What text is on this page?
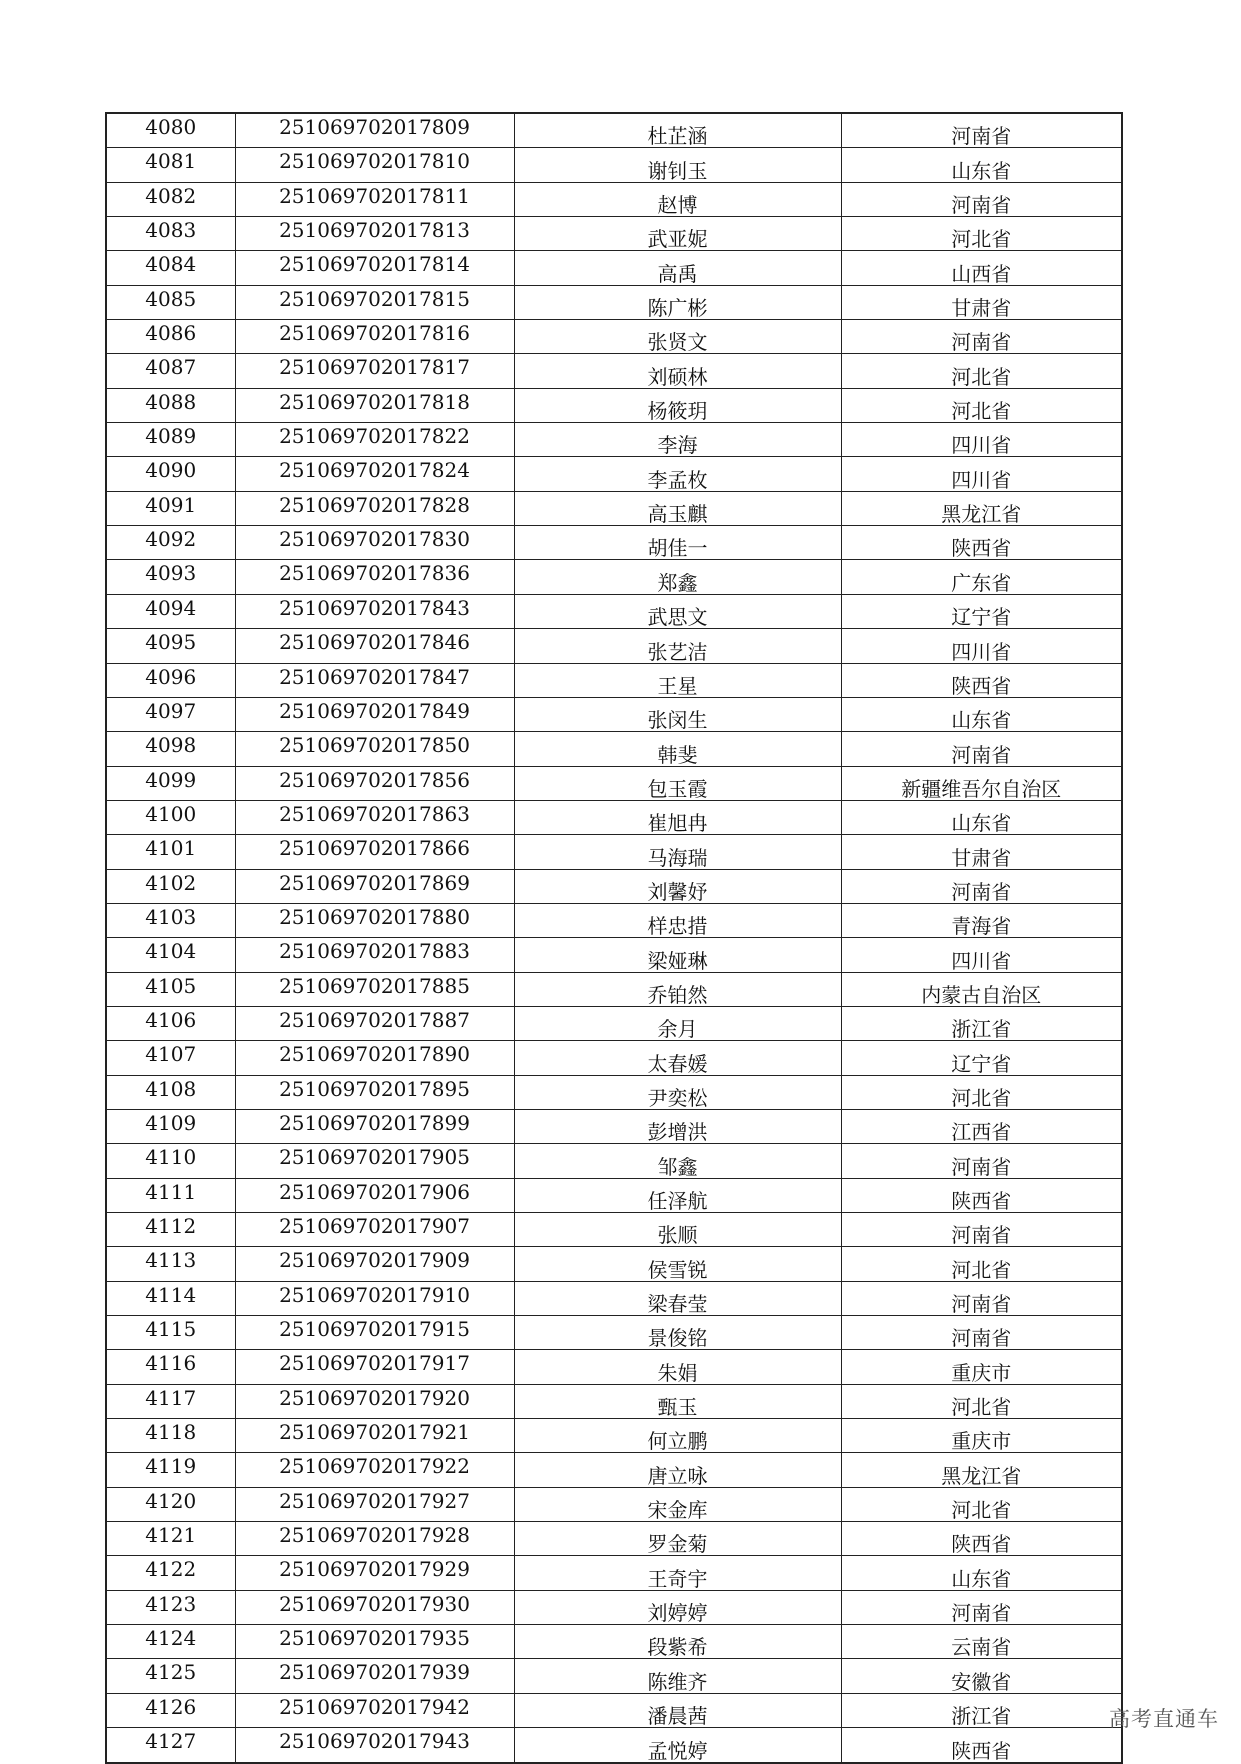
4080	251069702017809	杜芷涵	河南省
4081	251069702017810	谢钊玉	山东省
4082	251069702017811	赵博	河南省
4083	251069702017813	武亚妮	河北省
4084	251069702017814	高禹	山西省
4085	251069702017815	陈广彬	甘肃省
4086	251069702017816	张贤文	河南省
4087	251069702017817	刘硕林	河北省
4088	251069702017818	杨筱玥	河北省
4089	251069702017822	李海	四川省
4090	251069702017824	李孟枚	四川省
4091	251069702017828	高玉麒	黑龙江省
4092	251069702017830	胡佳一	陕西省
4093	251069702017836	郑鑫	广东省
4094	251069702017843	武思文	辽宁省
4095	251069702017846	张艺洁	四川省
4096	251069702017847	王星	陕西省
4097	251069702017849	张闵生	山东省
4098	251069702017850	韩斐	河南省
4099	251069702017856	包玉霞	新疆维吾尔自治区
4100	251069702017863	崔旭冉	山东省
4101	251069702017866	马海瑞	甘肃省
4102	251069702017869	刘馨妤	河南省
4103	251069702017880	样忠措	青海省
4104	251069702017883	梁娅琳	四川省
4105	251069702017885	乔铂然	内蒙古自治区
4106	251069702017887	余月	浙江省
4107	251069702017890	太春媛	辽宁省
4108	251069702017895	尹奕松	河北省
4109	251069702017899	彭增洪	江西省
4110	251069702017905	邹鑫	河南省
4111	251069702017906	任泽航	陕西省
4112	251069702017907	张顺	河南省
4113	251069702017909	侯雪锐	河北省
4114	251069702017910	梁春莹	河南省
4115	251069702017915	景俊铭	河南省
4116	251069702017917	朱娟	重庆市
4117	251069702017920	甄玉	河北省
4118	251069702017921	何立鹏	重庆市
4119	251069702017922	唐立咏	黑龙江省
4120	251069702017927	宋金库	河北省
4121	251069702017928	罗金菊	陕西省
4122	251069702017929	王奇宇	山东省
4123	251069702017930	刘婷婷	河南省
4124	251069702017935	段紫希	云南省
4125	251069702017939	陈维齐	安徽省
4126	251069702017942	潘晨茜	浙江省
4127	251069702017943	孟悦婷	陕西省
高考直通车
